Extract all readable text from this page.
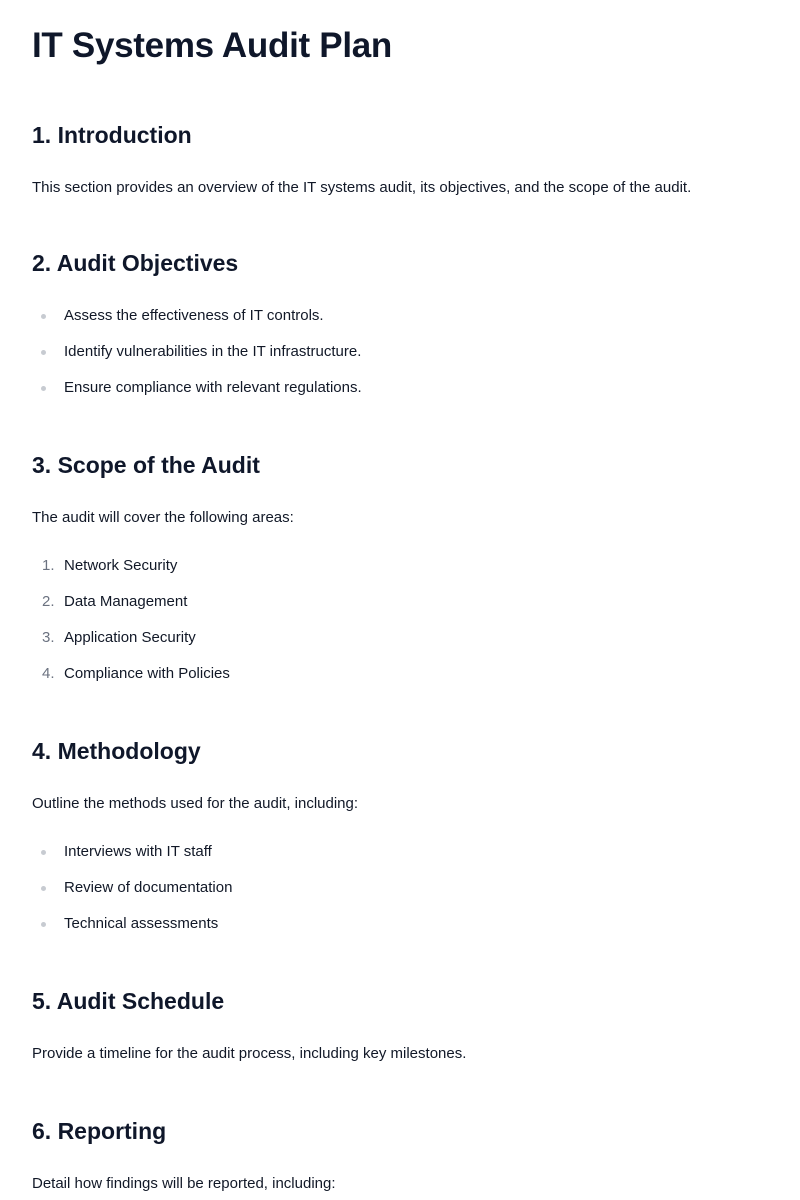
IT Systems Audit Plan
1. Introduction

This section provides an overview of the IT systems audit, its objectives, and the scope of the audit.

2. Audit Objectives
Assess the effectiveness of IT controls.
Identify vulnerabilities in the IT infrastructure.
Ensure compliance with relevant regulations.
3. Scope of the Audit

The audit will cover the following areas:

1. Network Security
2. Data Management
3. Application Security
4. Compliance with Policies
4. Methodology

Outline the methods used for the audit, including:

Interviews with IT staff
Review of documentation
Technical assessments
5. Audit Schedule

Provide a timeline for the audit process, including key milestones.

6. Reporting

Detail how findings will be reported, including:
